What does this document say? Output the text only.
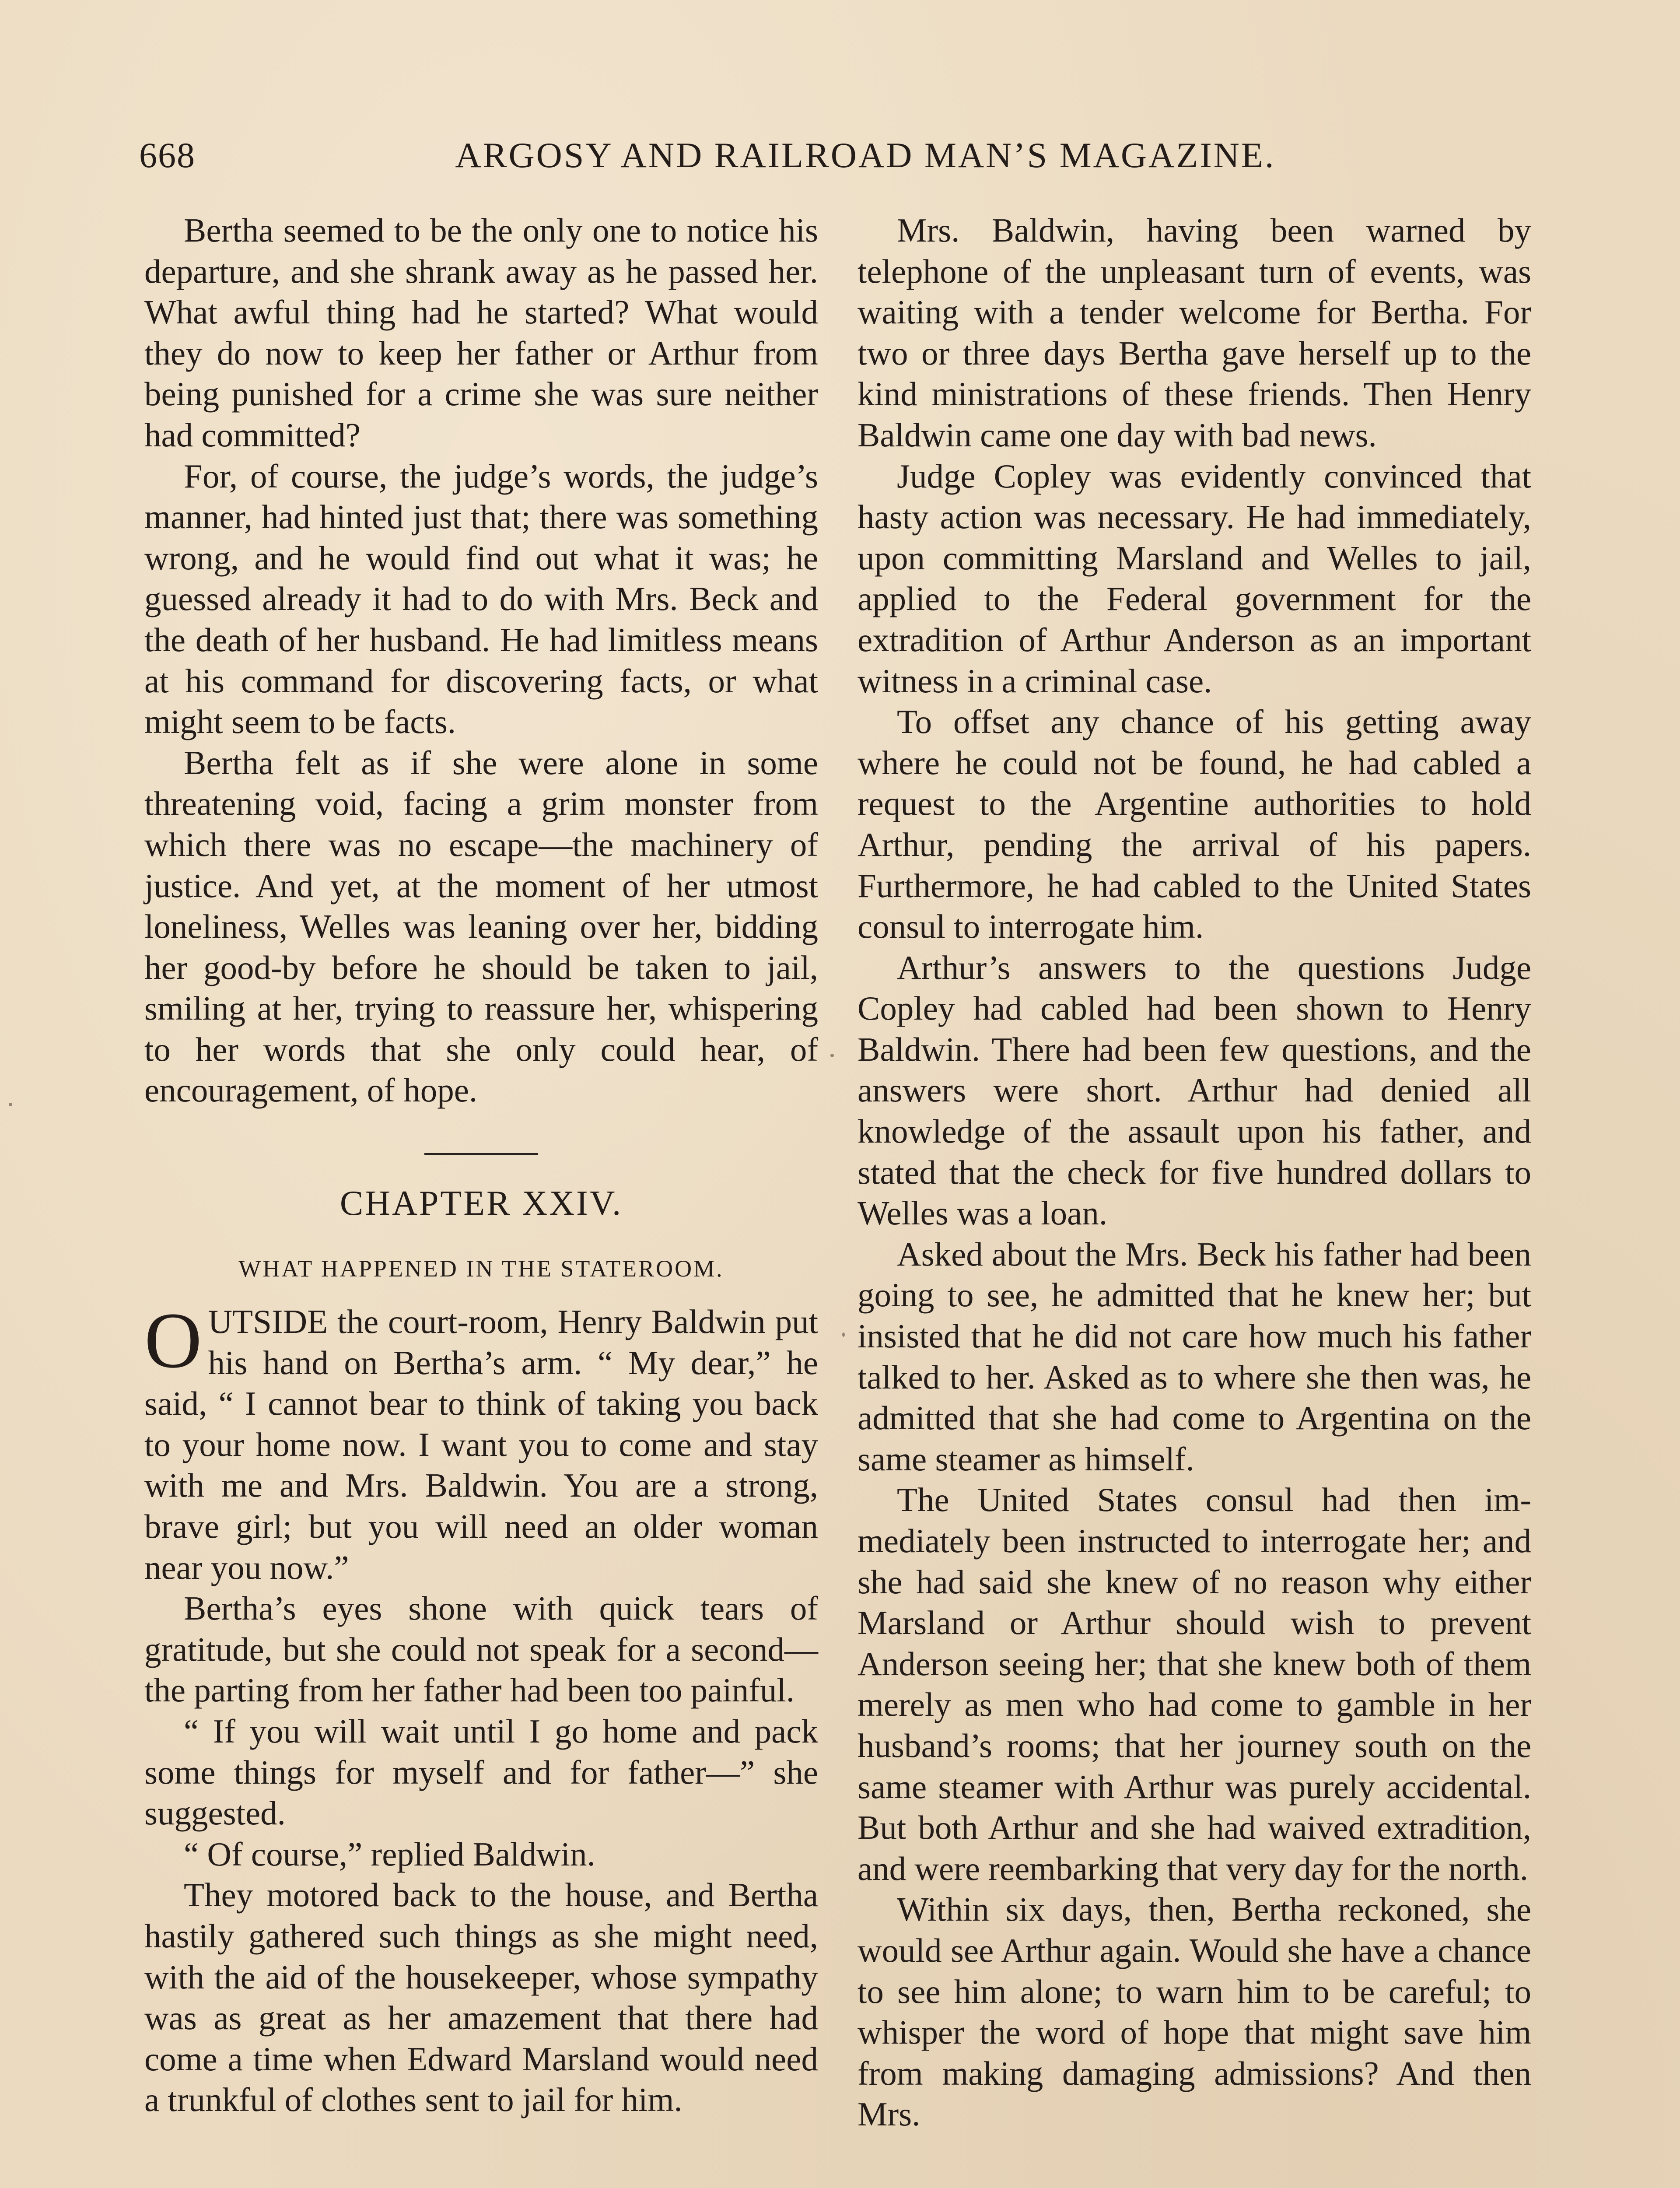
668	ARGOSY AND RAILROAD MAN’S MAGAZINE.

Bertha seemed to be the only one to notice his departure, and she shrank away as he passed her. What awful thing had he started? What would they do now to keep her father or Arthur from being punished for a crime she was sure neither had committed?

For, of course, the judge’s words, the judge’s manner, had hinted just that; there was something wrong, and he would find out what it was; he guessed already it had to do with Mrs. Beck and the death of her husband. He had limitless means at his command for discovering facts, or what might seem to be facts.

Bertha felt as if she were alone in some threatening void, facing a grim monster from which there was no escape—the machinery of justice. And yet, at the moment of her utmost loneliness, Welles was leaning over her, bidding her good-by before he should be taken to jail, smiling at her, trying to reassure her, whispering to her words that she only could hear, of encouragement, of hope.

CHAPTER XXIV.
WHAT HAPPENED IN THE STATEROOM.

OUTSIDE the court-room, Henry Baldwin put his hand on Bertha’s arm. “ My dear,” he said, “ I cannot bear to think of taking you back to your home now. I want you to come and stay with me and Mrs. Baldwin. You are a strong, brave girl; but you will need an older woman near you now.”

Bertha’s eyes shone with quick tears of gratitude, but she could not speak for a second—the parting from her father had been too painful.

“ If you will wait until I go home and pack some things for myself and for father—” she suggested.

“ Of course,” replied Baldwin.

They motored back to the house, and Bertha hastily gathered such things as she might need, with the aid of the housekeeper, whose sympathy was as great as her amazement that there had come a time when Edward Marsland would need a trunkful of clothes sent to jail for him.

Mrs. Baldwin, having been warned by telephone of the unpleasant turn of events, was waiting with a tender welcome for Bertha. For two or three days Bertha gave herself up to the kind ministrations of these friends. Then Henry Baldwin came one day with bad news.

Judge Copley was evidently convinced that hasty action was necessary. He had immediately, upon committing Marsland and Welles to jail, applied to the Federal government for the extradition of Arthur Anderson as an important witness in a criminal case.

To offset any chance of his getting away where he could not be found, he had cabled a request to the Argentine authorities to hold Arthur, pending the arrival of his papers. Furthermore, he had cabled to the United States consul to interrogate him.

Arthur’s answers to the questions Judge Copley had cabled had been shown to Henry Baldwin. There had been few questions, and the answers were short. Arthur had denied all knowledge of the assault upon his father, and stated that the check for five hundred dollars to Welles was a loan.

Asked about the Mrs. Beck his father had been going to see, he admitted that he knew her; but insisted that he did not care how much his father talked to her. Asked as to where she then was, he admitted that she had come to Argentina on the same steamer as himself.

The United States consul had then immediately been instructed to interrogate her; and she had said she knew of no reason why either Marsland or Arthur should wish to prevent Anderson seeing her; that she knew both of them merely as men who had come to gamble in her husband’s rooms; that her journey south on the same steamer with Arthur was purely accidental. But both Arthur and she had waived extradition, and were reembarking that very day for the north.

Within six days, then, Bertha reckoned, she would see Arthur again. Would she have a chance to see him alone; to warn him to be careful; to whisper the word of hope that might save him from making damaging admissions? And then Mrs.
